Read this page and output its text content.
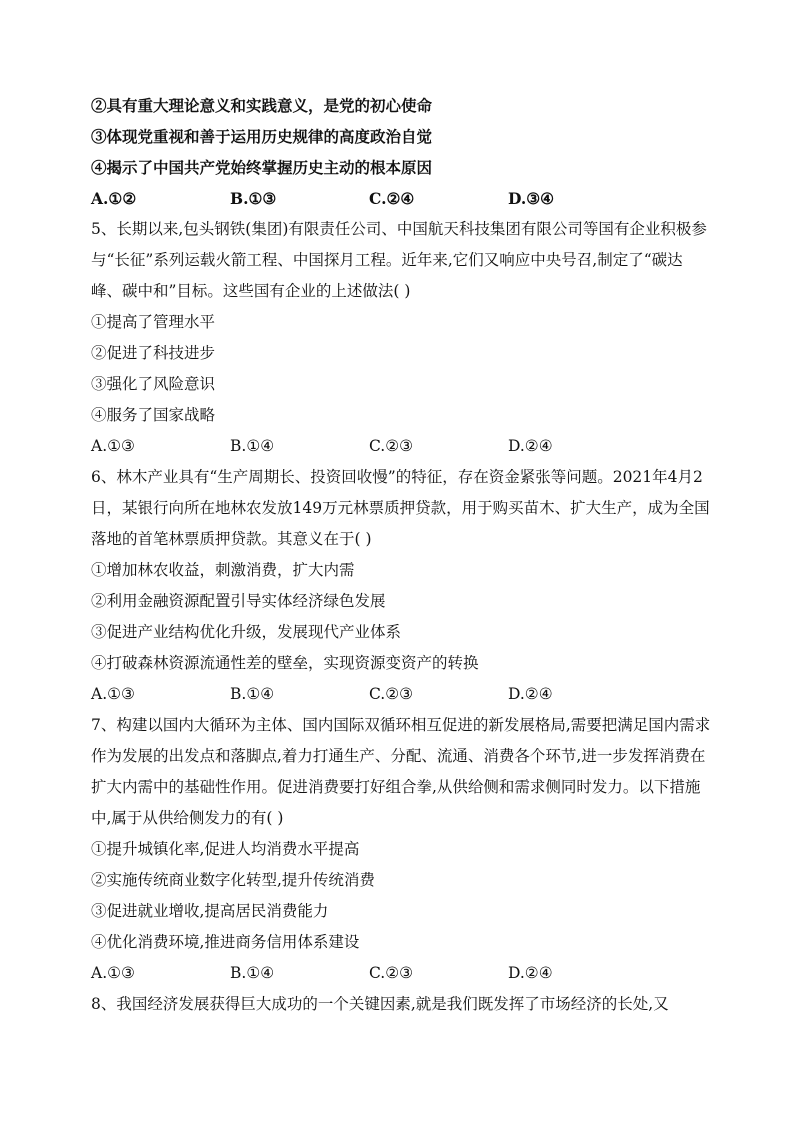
②具有重大理论意义和实践意义，是党的初心使命
③体现党重视和善于运用历史规律的高度政治自觉
④揭示了中国共产党始终掌握历史主动的根本原因
A.①②	B.①③	C.②④	D.③④
5、长期以来,包头钢铁(集团)有限责任公司、中国航天科技集团有限公司等国有企业积极参与“长征”系列运载火箭工程、中国探月工程。近年来,它们又响应中央号召,制定了“碳达峰、碳中和”目标。这些国有企业的上述做法( )
①提高了管理水平
②促进了科技进步
③强化了风险意识
④服务了国家战略
A.①③	B.①④	C.②③	D.②④
6、林木产业具有“生产周期长、投资回收慢”的特征，存在资金紧张等问题。2021年4月2日，某银行向所在地林农发放149万元林票质押贷款，用于购买苗木、扩大生产，成为全国落地的首笔林票质押贷款。其意义在于( )
①增加林农收益，刺激消费，扩大内需
②利用金融资源配置引导实体经济绿色发展
③促进产业结构优化升级，发展现代产业体系
④打破森林资源流通性差的壁垒，实现资源变资产的转换
A.①③	B.①④	C.②③	D.②④
7、构建以国内大循环为主体、国内国际双循环相互促进的新发展格局,需要把满足国内需求作为发展的出发点和落脚点,着力打通生产、分配、流通、消费各个环节,进一步发挥消费在扩大内需中的基础性作用。促进消费要打好组合拳,从供给侧和需求侧同时发力。以下措施中,属于从供给侧发力的有( )
①提升城镇化率,促进人均消费水平提高
②实施传统商业数字化转型,提升传统消费
③促进就业增收,提高居民消费能力
④优化消费环境,推进商务信用体系建设
A.①③	B.①④	C.②③	D.②④
8、我国经济发展获得巨大成功的一个关键因素,就是我们既发挥了市场经济的长处,又
